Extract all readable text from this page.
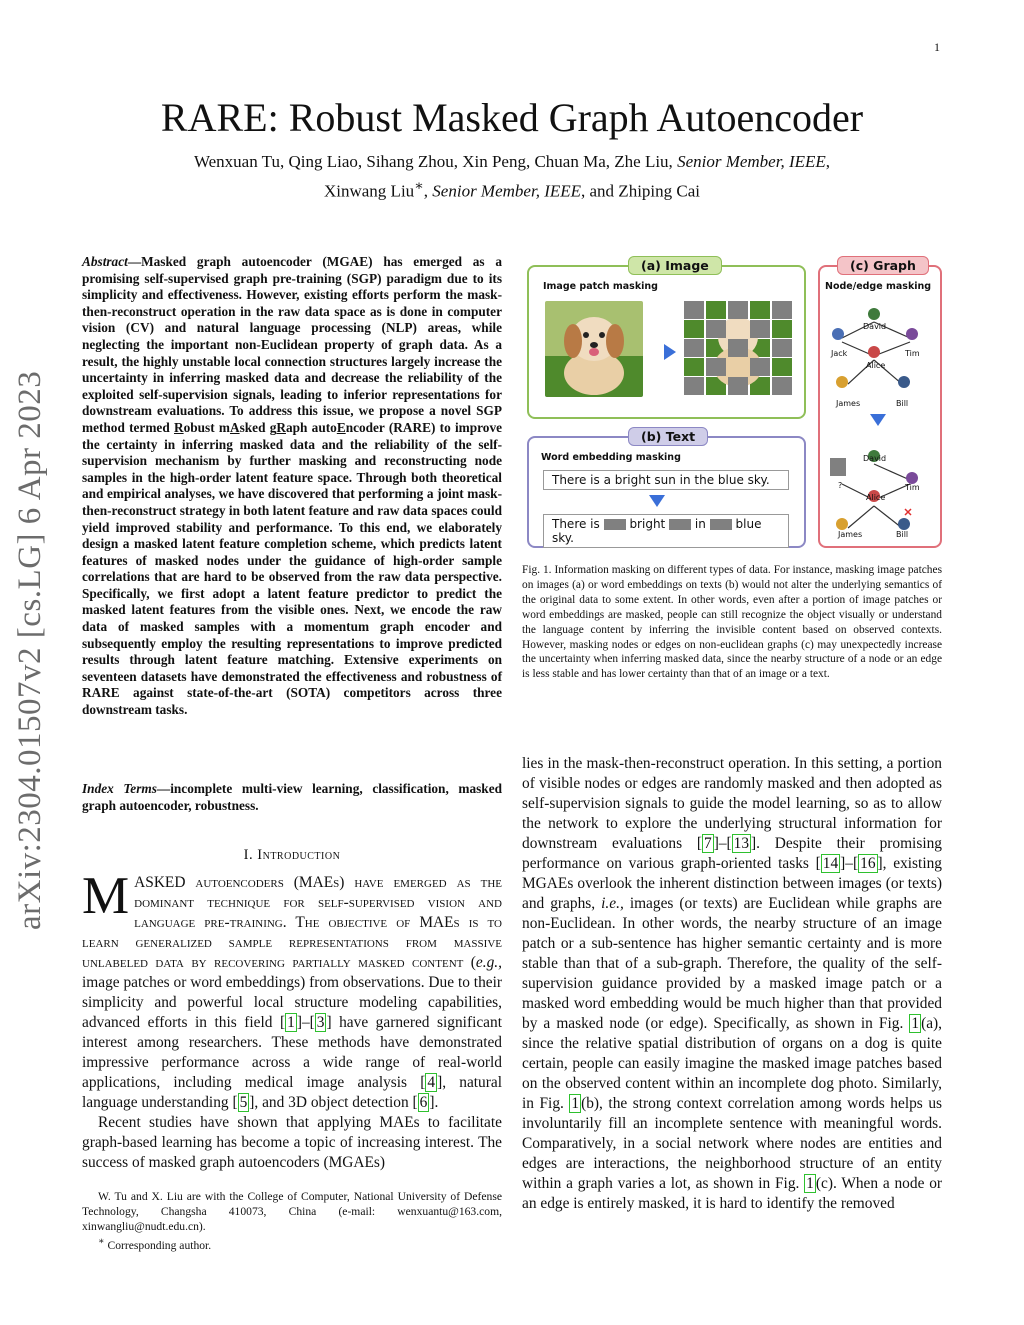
1
arXiv:2304.01507v2 [cs.LG] 6 Apr 2023
RARE: Robust Masked Graph Autoencoder
Wenxuan Tu, Qing Liao, Sihang Zhou, Xin Peng, Chuan Ma, Zhe Liu, Senior Member, IEEE,
Xinwang Liu∗, Senior Member, IEEE, and Zhiping Cai
Abstract—Masked graph autoencoder (MGAE) has emerged as a promising self-supervised graph pre-training (SGP) paradigm due to its simplicity and effectiveness. However, existing efforts perform the mask-then-reconstruct operation in the raw data space as is done in computer vision (CV) and natural language processing (NLP) areas, while neglecting the important non-Euclidean property of graph data. As a result, the highly unstable local connection structures largely increase the uncertainty in inferring masked data and decrease the reliability of the exploited self-supervision signals, leading to inferior representations for downstream evaluations. To address this issue, we propose a novel SGP method termed Robust mAsked gRaph autoEncoder (RARE) to improve the certainty in inferring masked data and the reliability of the self-supervision mechanism by further masking and reconstructing node samples in the high-order latent feature space. Through both theoretical and empirical analyses, we have discovered that performing a joint mask-then-reconstruct strategy in both latent feature and raw data spaces could yield improved stability and performance. To this end, we elaborately design a masked latent feature completion scheme, which predicts latent features of masked nodes under the guidance of high-order sample correlations that are hard to be observed from the raw data perspective. Specifically, we first adopt a latent feature predictor to predict the masked latent features from the visible ones. Next, we encode the raw data of masked samples with a momentum graph encoder and subsequently employ the resulting representations to improve predicted results through latent feature matching. Extensive experiments on seventeen datasets have demonstrated the effectiveness and robustness of RARE against state-of-the-art (SOTA) competitors across three downstream tasks.
Index Terms—incomplete multi-view learning, classification, masked graph autoencoder, robustness.
I. Introduction

MASKED autoencoders (MAEs) have emerged as the dominant technique for self-supervised vision and language pre-training. The objective of MAEs is to learn generalized sample representations from massive unlabeled data by recovering partially masked content (e.g., image patches or word embeddings) from observations. Due to their simplicity and powerful local structure modeling capabilities, advanced efforts in this field [ 1 ]–[ 3 ] have garnered significant interest among researchers. These methods have demonstrated impressive performance across a wide range of real-world applications, including medical image analysis [ 4 ], natural language understanding [ 5 ], and 3D object detection [ 6 ].

Recent studies have shown that applying MAEs to facilitate graph-based learning has become a topic of increasing interest. The success of masked graph autoencoders (MGAEs)

W. Tu and X. Liu are with the College of Computer, National University of Defense Technology, Changsha 410073, China (e-mail: wenxuantu@163.com, xinwangliu@nudt.edu.cn).

∗ Corresponding author.

(a) Image
Image patch masking
(b) Text
Word embedding masking
There is a bright sun in the blue sky.
There is bright in blue sky.
(c) Graph
Node/edge masking
David
Jack	Tim
Alice
James	Bill
David
?	Tim
Alice
James	Bill
Fig. 1. Information masking on different types of data. For instance, masking image patches on images (a) or word embeddings on texts (b) would not alter the underlying semantics of the original data to some extent. In other words, even after a portion of image patches or word embeddings are masked, people can still recognize the object visually or understand the language content by inferring the invisible content based on observed contexts. However, masking nodes or edges on non-euclidean graphs (c) may unexpectedly increase the uncertainty when inferring masked data, since the nearby structure of a node or an edge is less stable and has lower certainty than that of an image or a text.
lies in the mask-then-reconstruct operation. In this setting, a portion of visible nodes or edges are randomly masked and then adopted as self-supervision signals to guide the model learning, so as to allow the network to explore the underlying structural information for downstream evaluations [ 7 ]–[ 13 ]. Despite their promising performance on various graph-oriented tasks [ 14 ]–[ 16 ], existing MGAEs overlook the inherent distinction between images (or texts) and graphs, i.e., images (or texts) are Euclidean while graphs are non-Euclidean. In other words, the nearby structure of an image patch or a sub-sentence has higher semantic certainty and is more stable than that of a sub-graph. Therefore, the quality of the self-supervision guidance provided by a masked image patch or a masked word embedding would be much higher than that provided by a masked node (or edge). Specifically, as shown in Fig. 1 (a), since the relative spatial distribution of organs on a dog is quite certain, people can easily imagine the masked image patches based on the observed content within an incomplete dog photo. Similarly, in Fig. 1 (b), the strong context correlation among words helps us involuntarily fill an incomplete sentence with meaningful words. Comparatively, in a social network where nodes are entities and edges are interactions, the neighborhood structure of an entity within a graph varies a lot, as shown in Fig. 1 (c). When a node or an edge is entirely masked, it is hard to identify the removed
